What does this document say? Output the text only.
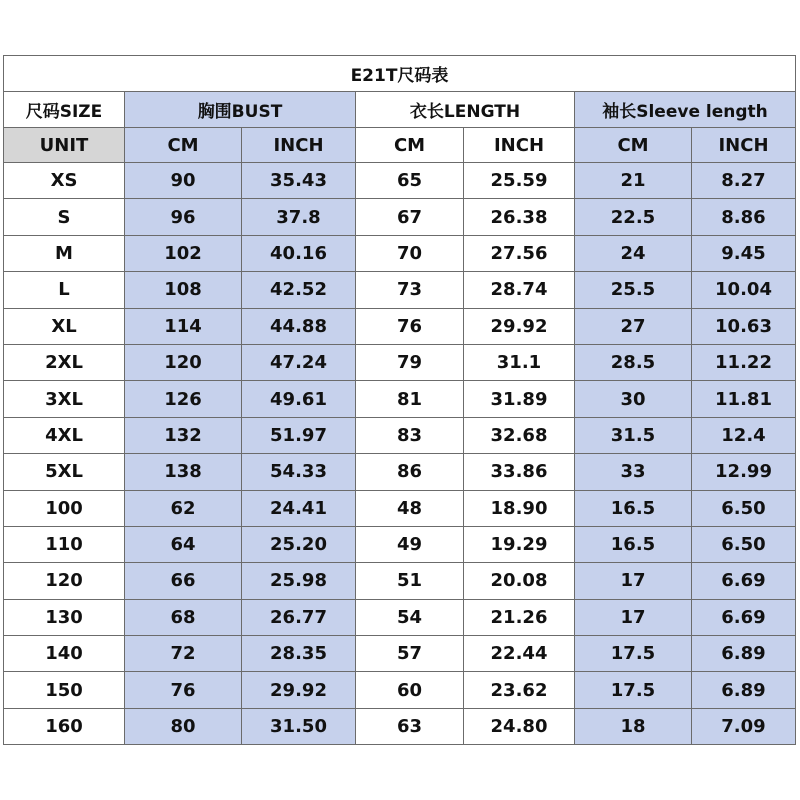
E21T尺码表						
尺码SIZE	胸围BUST		衣长LENGTH		袖长Sleeve length	
UNIT	CM	INCH	CM	INCH	CM	INCH
XS	90	35.43	65	25.59	21	8.27
S	96	37.8	67	26.38	22.5	8.86
M	102	40.16	70	27.56	24	9.45
L	108	42.52	73	28.74	25.5	10.04
XL	114	44.88	76	29.92	27	10.63
2XL	120	47.24	79	31.1	28.5	11.22
3XL	126	49.61	81	31.89	30	11.81
4XL	132	51.97	83	32.68	31.5	12.4
5XL	138	54.33	86	33.86	33	12.99
100	62	24.41	48	18.90	16.5	6.50
110	64	25.20	49	19.29	16.5	6.50
120	66	25.98	51	20.08	17	6.69
130	68	26.77	54	21.26	17	6.69
140	72	28.35	57	22.44	17.5	6.89
150	76	29.92	60	23.62	17.5	6.89
160	80	31.50	63	24.80	18	7.09
